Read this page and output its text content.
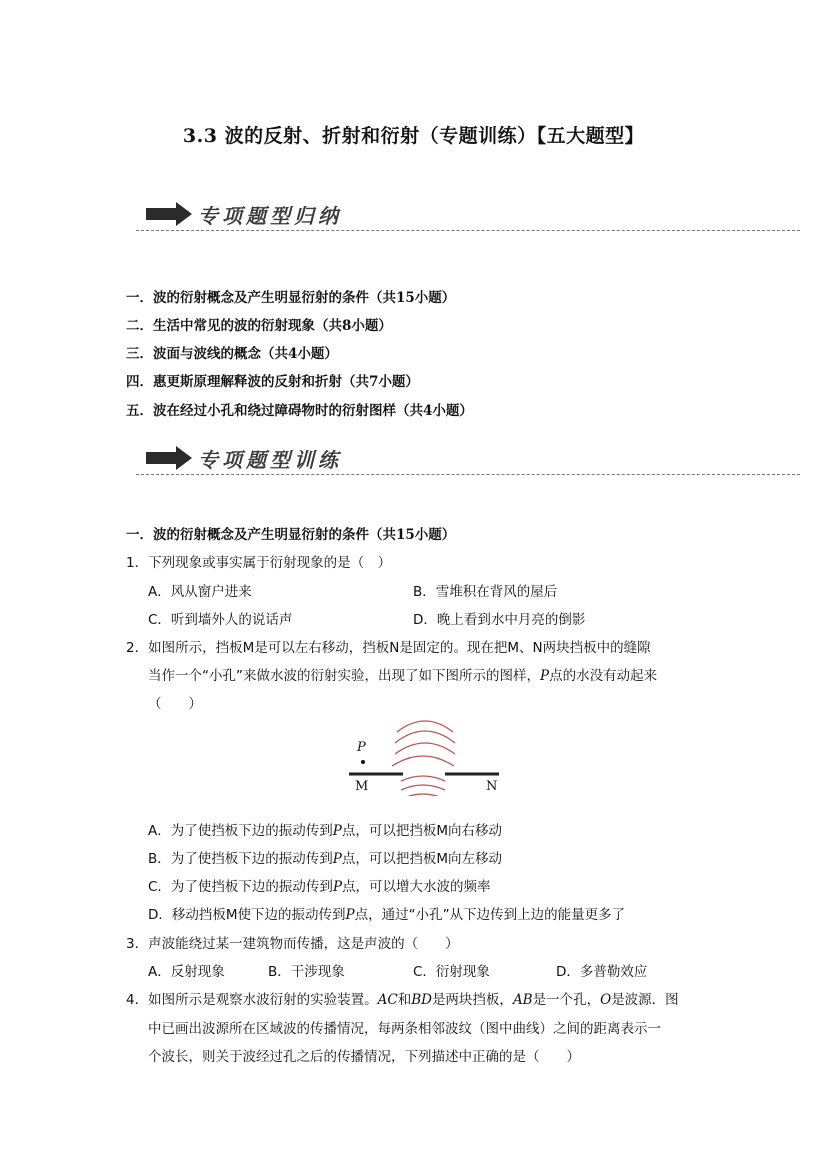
3.3 波的反射、折射和衍射（专题训练）【五大题型】
专项题型归纳
一．波的衍射概念及产生明显衍射的条件（共15小题）
二．生活中常见的波的衍射现象（共8小题）
三．波面与波线的概念（共4小题）
四．惠更斯原理解释波的反射和折射（共7小题）
五．波在经过小孔和绕过障碍物时的衍射图样（共4小题）
专项题型训练
一．波的衍射概念及产生明显衍射的条件（共15小题）
1．下列现象或事实属于衍射现象的是（　）
A．风从窗户进来	B．雪堆积在背风的屋后
C．听到墙外人的说话声	D．晚上看到水中月亮的倒影
2．如图所示，挡板M是可以左右移动，挡板N是固定的。现在把M、N两块挡板中的缝隙
当作一个“小孔”来做水波的衍射实验，出现了如下图所示的图样，P点的水没有动起来
（　　）
P
M	N
A．为了使挡板下边的振动传到P点，可以把挡板M向右移动
B．为了使挡板下边的振动传到P点，可以把挡板M向左移动
C．为了使挡板下边的振动传到P点，可以增大水波的频率
D．移动挡板M使下边的振动传到P点，通过“小孔”从下边传到上边的能量更多了
3．声波能绕过某一建筑物而传播，这是声波的（　　）
A．反射现象	B．干涉现象	C．衍射现象	D．多普勒效应
4．如图所示是观察水波衍射的实验装置。AC和BD是两块挡板，AB是一个孔，O是波源．图
中已画出波源所在区域波的传播情况，每两条相邻波纹（图中曲线）之间的距离表示一
个波长，则关于波经过孔之后的传播情况，下列描述中正确的是（　　）
